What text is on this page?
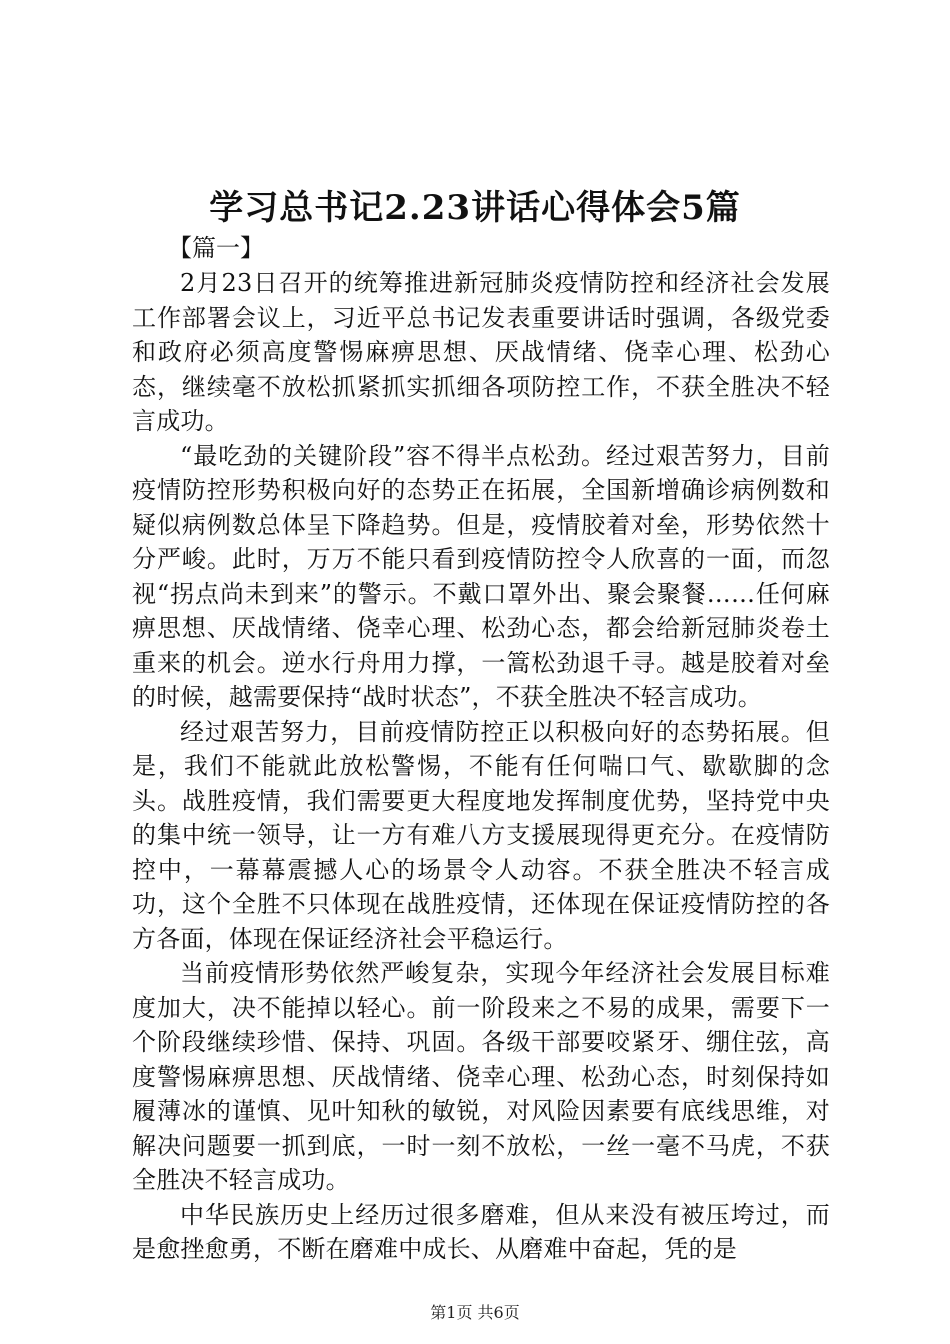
学习总书记2.23讲话心得体会5篇
【篇一】

2月23日召开的统筹推进新冠肺炎疫情防控和经济社会发展工作部署会议上，习近平总书记发表重要讲话时强调，各级党委和政府必须高度警惕麻痹思想、厌战情绪、侥幸心理、松劲心态，继续毫不放松抓紧抓实抓细各项防控工作，不获全胜决不轻言成功。

“最吃劲的关键阶段”容不得半点松劲。经过艰苦努力，目前疫情防控形势积极向好的态势正在拓展，全国新增确诊病例数和疑似病例数总体呈下降趋势。但是，疫情胶着对垒，形势依然十分严峻。此时，万万不能只看到疫情防控令人欣喜的一面，而忽视“拐点尚未到来”的警示。不戴口罩外出、聚会聚餐……任何麻痹思想、厌战情绪、侥幸心理、松劲心态，都会给新冠肺炎卷土重来的机会。逆水行舟用力撑，一篙松劲退千寻。越是胶着对垒的时候，越需要保持“战时状态”，不获全胜决不轻言成功。

经过艰苦努力，目前疫情防控正以积极向好的态势拓展。但是，我们不能就此放松警惕，不能有任何喘口气、歇歇脚的念头。战胜疫情，我们需要更大程度地发挥制度优势，坚持党中央的集中统一领导，让一方有难八方支援展现得更充分。在疫情防控中，一幕幕震撼人心的场景令人动容。不获全胜决不轻言成功，这个全胜不只体现在战胜疫情，还体现在保证疫情防控的各方各面，体现在保证经济社会平稳运行。

当前疫情形势依然严峻复杂，实现今年经济社会发展目标难度加大，决不能掉以轻心。前一阶段来之不易的成果，需要下一个阶段继续珍惜、保持、巩固。各级干部要咬紧牙、绷住弦，高度警惕麻痹思想、厌战情绪、侥幸心理、松劲心态，时刻保持如履薄冰的谨慎、见叶知秋的敏锐，对风险因素要有底线思维，对解决问题要一抓到底，一时一刻不放松，一丝一毫不马虎，不获全胜决不轻言成功。

中华民族历史上经历过很多磨难，但从来没有被压垮过，而是愈挫愈勇，不断在磨难中成长、从磨难中奋起，凭的是

第1页 共6页
